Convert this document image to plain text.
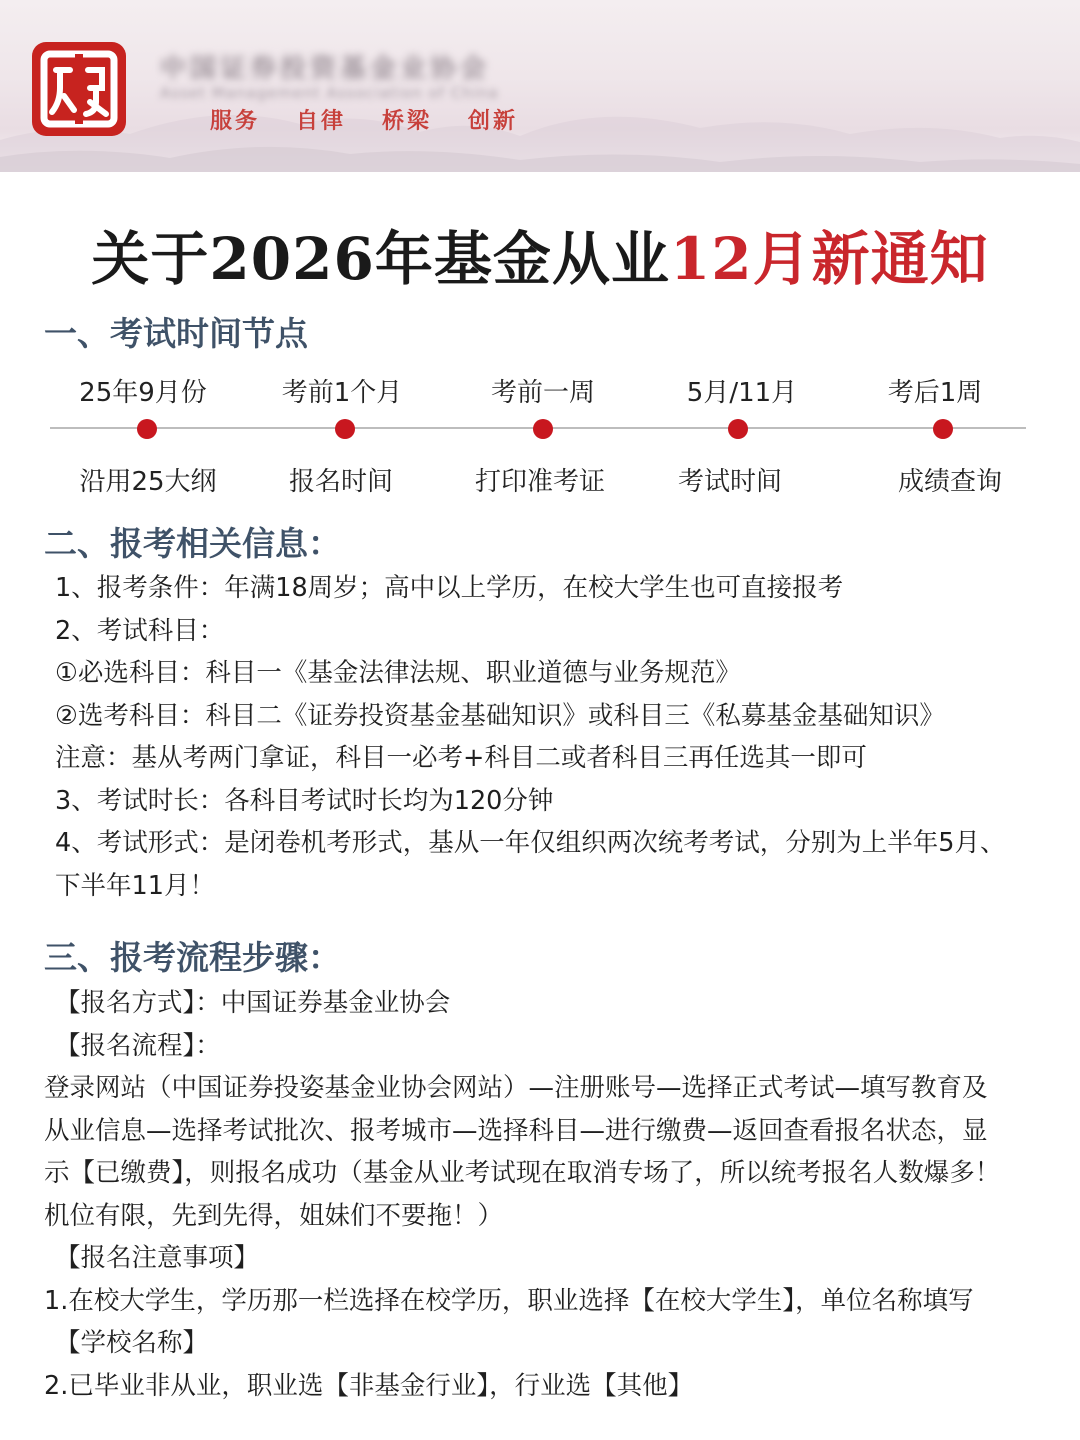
中国证券投资基金业协会
Asset Management Association of China
服务 自律 桥梁 创新
关于2026年基金从业12月新通知
一、考试时间节点
25年9月份	考前1个月	考前一周	5月/11月	考后1周
沿用25大纲	报名时间	打印准考证	考试时间	成绩查询
二、报考相关信息：
1、报考条件：年满18周岁；高中以上学历，在校大学生也可直接报考
2、考试科目：
①必选科目：科目一《基金法律法规、职业道德与业务规范》
②选考科目：科目二《证券投资基金基础知识》或科目三《私募基金基础知识》
注意：基从考两门拿证，科目一必考+科目二或者科目三再任选其一即可
3、考试时长：各科目考试时长均为120分钟
4、考试形式：是闭卷机考形式，基从一年仅组织两次统考考试，分别为上半年5月、
下半年11月！
三、报考流程步骤：
【报名方式】：中国证券基金业协会
【报名流程】：
登录网站（中国证券投姿基金业协会网站）—注册账号—选择正式考试—填写教育及
从业信息—选择考试批次、报考城市—选择科目—进行缴费—返回查看报名状态，显
示【已缴费】，则报名成功（基金从业考试现在取消专场了，所以统考报名人数爆多！
机位有限，先到先得，姐妹们不要拖！）
【报名注意事项】
1.在校大学生，学历那一栏选择在校学历，职业选择【在校大学生】，单位名称填写
【学校名称】
2.已毕业非从业，职业选【非基金行业】，行业选【其他】
